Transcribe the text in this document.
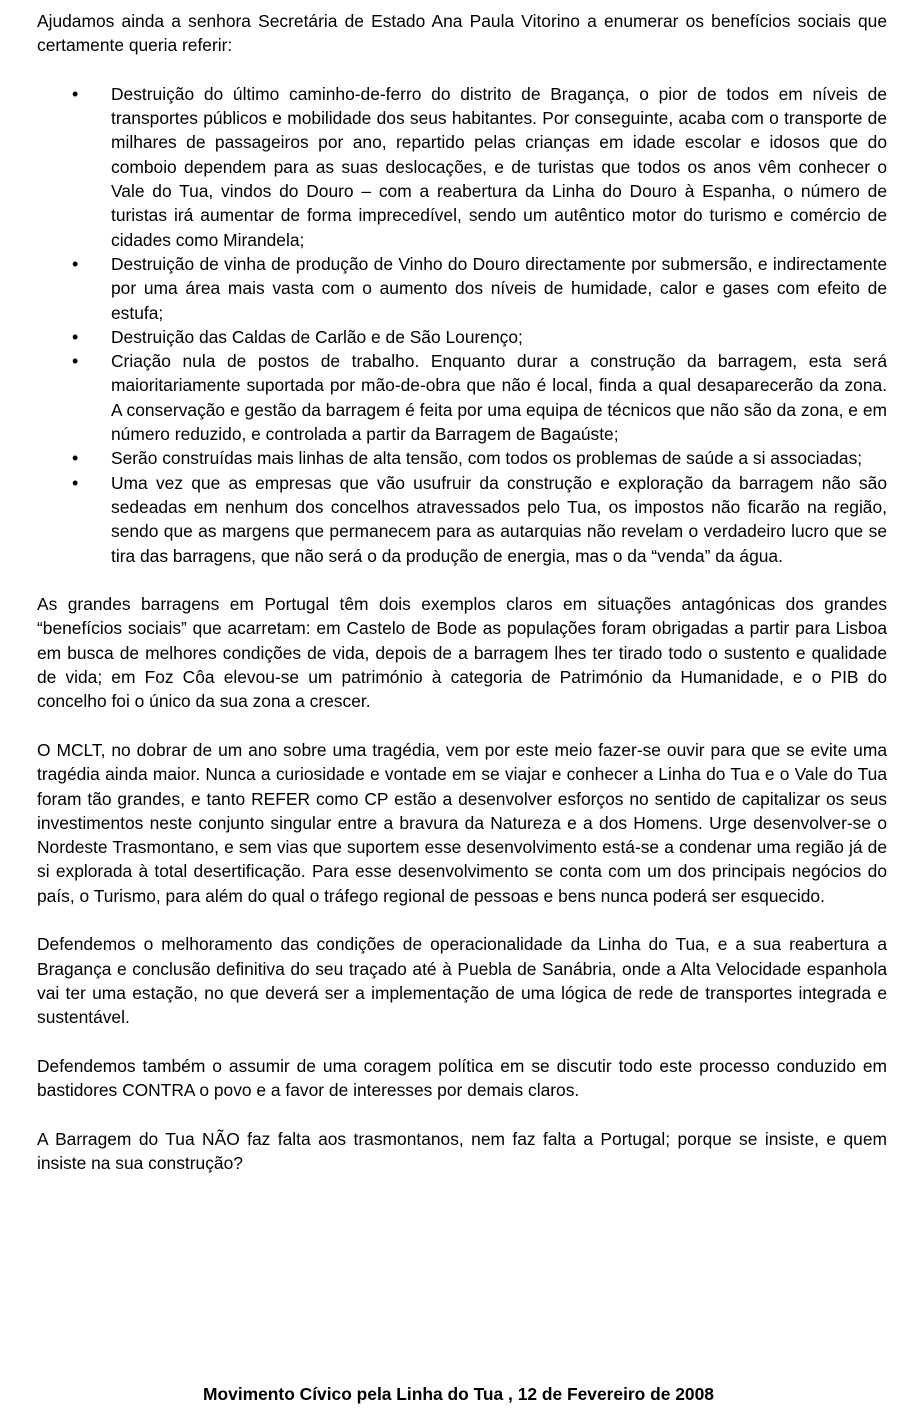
Ajudamos ainda a senhora Secretária de Estado Ana Paula Vitorino a enumerar os benefícios sociais que certamente queria referir:

• Destruição do último caminho-de-ferro do distrito de Bragança, o pior de todos em níveis de transportes públicos e mobilidade dos seus habitantes. Por conseguinte, acaba com o transporte de milhares de passageiros por ano, repartido pelas crianças em idade escolar e idosos que do comboio dependem para as suas deslocações, e de turistas que todos os anos vêm conhecer o Vale do Tua, vindos do Douro – com a reabertura da Linha do Douro à Espanha, o número de turistas irá aumentar de forma imprecedível, sendo um autêntico motor do turismo e comércio de cidades como Mirandela;
• Destruição de vinha de produção de Vinho do Douro directamente por submersão, e indirectamente por uma área mais vasta com o aumento dos níveis de humidade, calor e gases com efeito de estufa;
• Destruição das Caldas de Carlão e de São Lourenço;
• Criação nula de postos de trabalho. Enquanto durar a construção da barragem, esta será maioritariamente suportada por mão-de-obra que não é local, finda a qual desaparecerão da zona. A conservação e gestão da barragem é feita por uma equipa de técnicos que não são da zona, e em número reduzido, e controlada a partir da Barragem de Bagaúste;
• Serão construídas mais linhas de alta tensão, com todos os problemas de saúde a si associadas;
• Uma vez que as empresas que vão usufruir da construção e exploração da barragem não são sedeadas em nenhum dos concelhos atravessados pelo Tua, os impostos não ficarão na região, sendo que as margens que permanecem para as autarquias não revelam o verdadeiro lucro que se tira das barragens, que não será o da produção de energia, mas o da “venda” da água.

As grandes barragens em Portugal têm dois exemplos claros em situações antagónicas dos grandes “benefícios sociais” que acarretam: em Castelo de Bode as populações foram obrigadas a partir para Lisboa em busca de melhores condições de vida, depois de a barragem lhes ter tirado todo o sustento e qualidade de vida; em Foz Côa elevou-se um património à categoria de Património da Humanidade, e o PIB do concelho foi o único da sua zona a crescer.

O MCLT, no dobrar de um ano sobre uma tragédia, vem por este meio fazer-se ouvir para que se evite uma tragédia ainda maior. Nunca a curiosidade e vontade em se viajar e conhecer a Linha do Tua e o Vale do Tua foram tão grandes, e tanto REFER como CP estão a desenvolver esforços no sentido de capitalizar os seus investimentos neste conjunto singular entre a bravura da Natureza e a dos Homens. Urge desenvolver-se o Nordeste Trasmontano, e sem vias que suportem esse desenvolvimento está-se a condenar uma região já de si explorada à total desertificação. Para esse desenvolvimento se conta com um dos principais negócios do país, o Turismo, para além do qual o tráfego regional de pessoas e bens nunca poderá ser esquecido.

Defendemos o melhoramento das condições de operacionalidade da Linha do Tua, e a sua reabertura a Bragança e conclusão definitiva do seu traçado até à Puebla de Sanábria, onde a Alta Velocidade espanhola vai ter uma estação, no que deverá ser a implementação de uma lógica de rede de transportes integrada e sustentável.

Defendemos também o assumir de uma coragem política em se discutir todo este processo conduzido em bastidores CONTRA o povo e a favor de interesses por demais claros.

A Barragem do Tua NÃO faz falta aos trasmontanos, nem faz falta a Portugal; porque se insiste, e quem insiste na sua construção?

Movimento Cívico pela Linha do Tua , 12 de Fevereiro de 2008
